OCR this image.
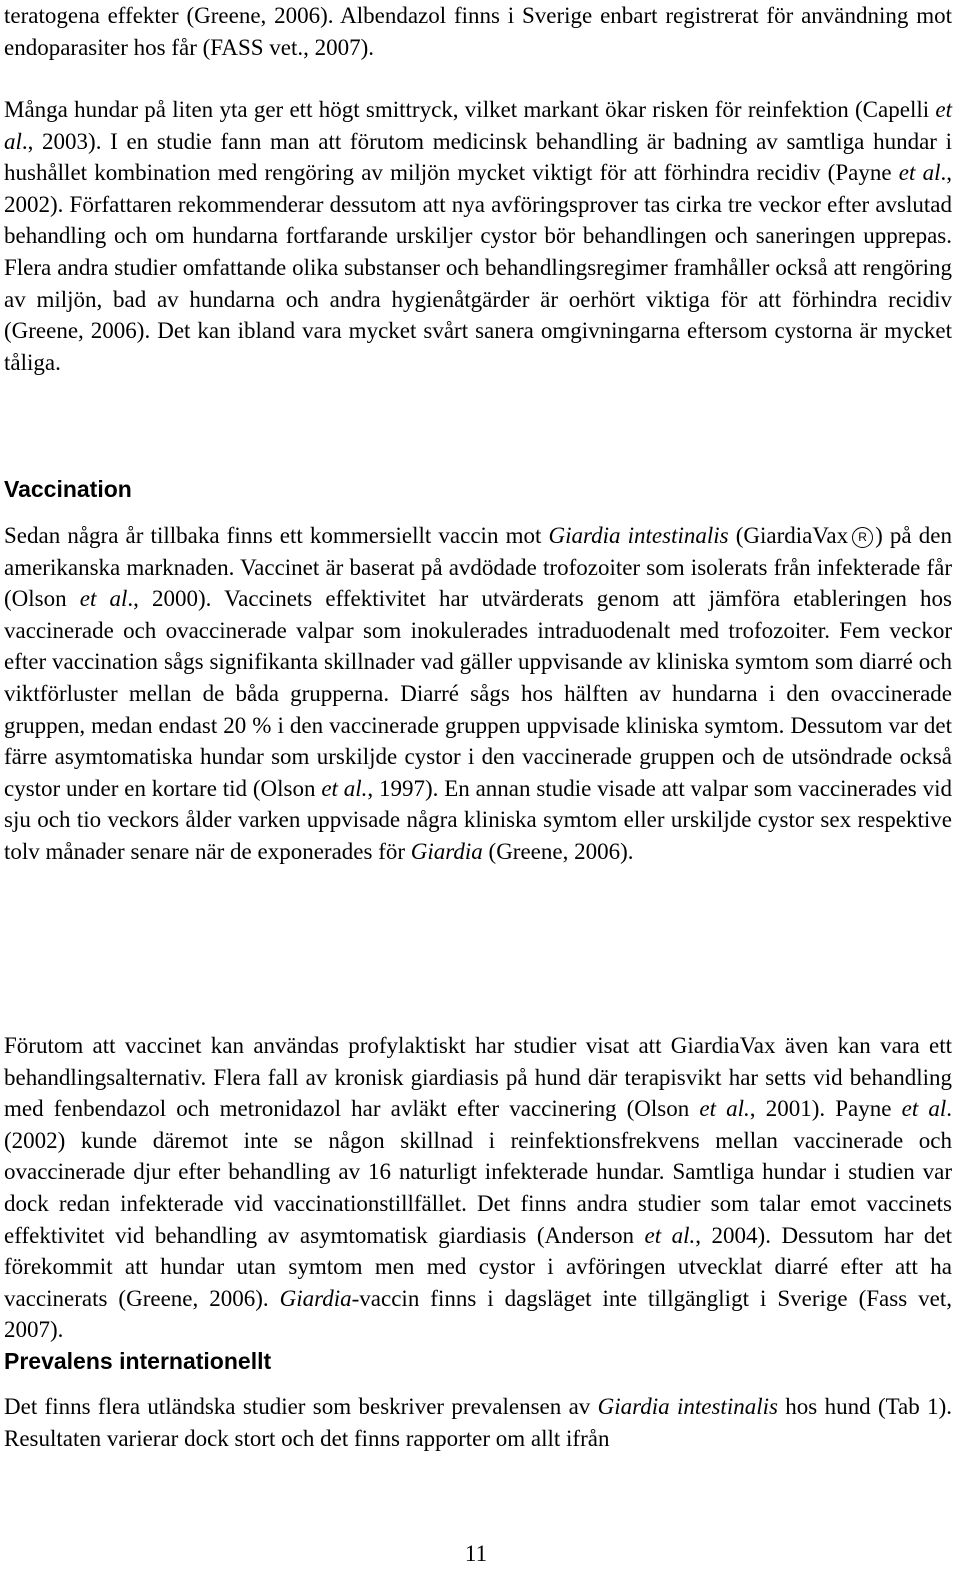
teratogena effekter (Greene, 2006). Albendazol finns i Sverige enbart registrerat för användning mot endoparasiter hos får (FASS vet., 2007).

Många hundar på liten yta ger ett högt smittryck, vilket markant ökar risken för reinfektion (Capelli et al., 2003). I en studie fann man att förutom medicinsk behandling är badning av samtliga hundar i hushållet kombination med rengöring av miljön mycket viktigt för att förhindra recidiv (Payne et al., 2002). Författaren rekommenderar dessutom att nya avföringsprover tas cirka tre veckor efter avslutad behandling och om hundarna fortfarande urskiljer cystor bör behandlingen och saneringen upprepas. Flera andra studier omfattande olika substanser och behandlingsregimer framhåller också att rengöring av miljön, bad av hundarna och andra hygienåtgärder är oerhört viktiga för att förhindra recidiv (Greene, 2006). Det kan ibland vara mycket svårt sanera omgivningarna eftersom cystorna är mycket tåliga.

Vaccination

Sedan några år tillbaka finns ett kommersiellt vaccin mot Giardia intestinalis (GiardiaVax R ) på den amerikanska marknaden. Vaccinet är baserat på avdödade trofozoiter som isolerats från infekterade får (Olson et al., 2000). Vaccinets effektivitet har utvärderats genom att jämföra etableringen hos vaccinerade och ovaccinerade valpar som inokulerades intraduodenalt med trofozoiter. Fem veckor efter vaccination sågs signifikanta skillnader vad gäller uppvisande av kliniska symtom som diarré och viktförluster mellan de båda grupperna. Diarré sågs hos hälften av hundarna i den ovaccinerade gruppen, medan endast 20 % i den vaccinerade gruppen uppvisade kliniska symtom. Dessutom var det färre asymtomatiska hundar som urskiljde cystor i den vaccinerade gruppen och de utsöndrade också cystor under en kortare tid (Olson et al., 1997). En annan studie visade att valpar som vaccinerades vid sju och tio veckors ålder varken uppvisade några kliniska symtom eller urskiljde cystor sex respektive tolv månader senare när de exponerades för Giardia (Greene, 2006).

Förutom att vaccinet kan användas profylaktiskt har studier visat att GiardiaVax även kan vara ett behandlingsalternativ. Flera fall av kronisk giardiasis på hund där terapisvikt har setts vid behandling med fenbendazol och metronidazol har avläkt efter vaccinering (Olson et al., 2001). Payne et al. (2002) kunde däremot inte se någon skillnad i reinfektionsfrekvens mellan vaccinerade och ovaccinerade djur efter behandling av 16 naturligt infekterade hundar. Samtliga hundar i studien var dock redan infekterade vid vaccinationstillfället. Det finns andra studier som talar emot vaccinets effektivitet vid behandling av asymtomatisk giardiasis (Anderson et al., 2004). Dessutom har det förekommit att hundar utan symtom men med cystor i avföringen utvecklat diarré efter att ha vaccinerats (Greene, 2006). Giardia-vaccin finns i dagsläget inte tillgängligt i Sverige (Fass vet, 2007).

Prevalens internationellt

Det finns flera utländska studier som beskriver prevalensen av Giardia intestinalis hos hund (Tab 1). Resultaten varierar dock stort och det finns rapporter om allt ifrån

11
